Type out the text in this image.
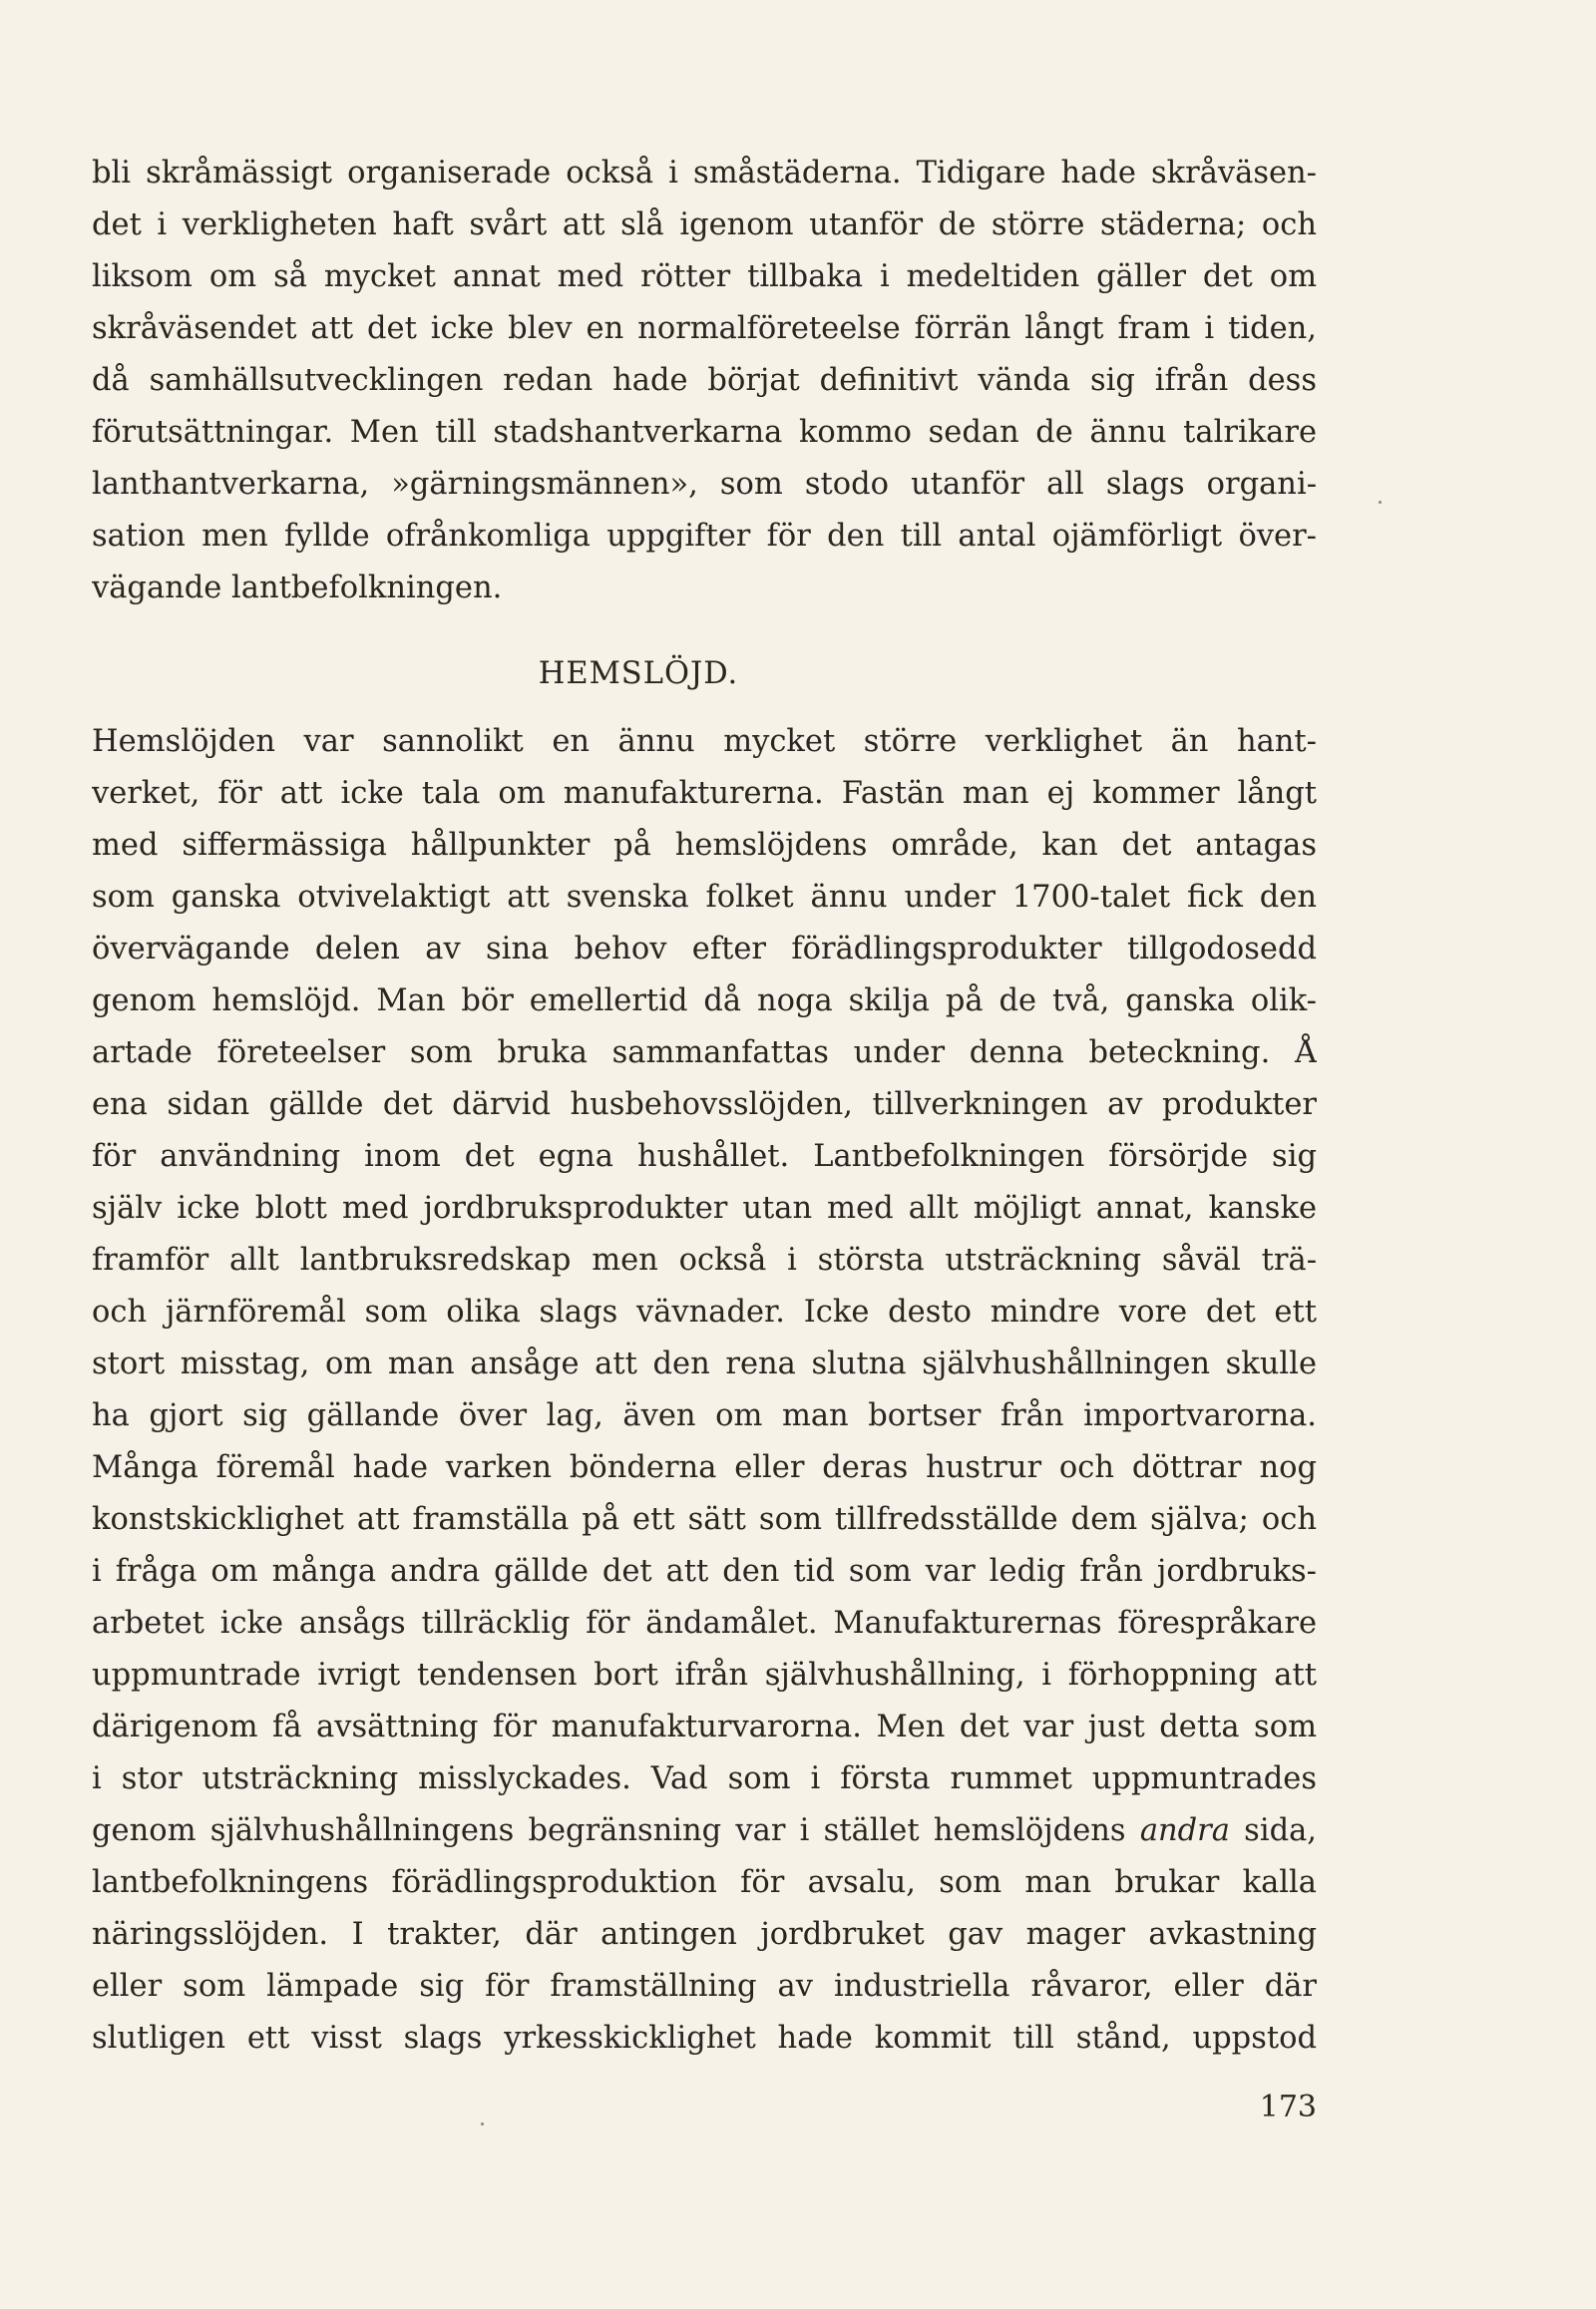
bli skråmässigt organiserade också i småstäderna. Tidigare hade skråväsen-
det i verkligheten haft svårt att slå igenom utanför de större städerna; och
liksom om så mycket annat med rötter tillbaka i medeltiden gäller det om
skråväsendet att det icke blev en normalföreteelse förrän långt fram i tiden,
då samhällsutvecklingen redan hade börjat definitivt vända sig ifrån dess
förutsättningar. Men till stadshantverkarna kommo sedan de ännu talrikare
lanthantverkarna, »gärningsmännen», som stodo utanför all slags organi-
sation men fyllde ofrånkomliga uppgifter för den till antal ojämförligt över-
vägande lantbefolkningen.
HEMSLÖJD.
Hemslöjden var sannolikt en ännu mycket större verklighet än hant-
verket, för att icke tala om manufakturerna. Fastän man ej kommer långt
med siffermässiga hållpunkter på hemslöjdens område, kan det antagas
som ganska otvivelaktigt att svenska folket ännu under 1700-talet fick den
övervägande delen av sina behov efter förädlingsprodukter tillgodosedd
genom hemslöjd. Man bör emellertid då noga skilja på de två, ganska olik-
artade företeelser som bruka sammanfattas under denna beteckning. Å
ena sidan gällde det därvid husbehovsslöjden, tillverkningen av produkter
för användning inom det egna hushållet. Lantbefolkningen försörjde sig
själv icke blott med jordbruksprodukter utan med allt möjligt annat, kanske
framför allt lantbruksredskap men också i största utsträckning såväl trä-
och järnföremål som olika slags vävnader. Icke desto mindre vore det ett
stort misstag, om man ansåge att den rena slutna självhushållningen skulle
ha gjort sig gällande över lag, även om man bortser från importvarorna.
Många föremål hade varken bönderna eller deras hustrur och döttrar nog
konstskicklighet att framställa på ett sätt som tillfredsställde dem själva; och
i fråga om många andra gällde det att den tid som var ledig från jordbruks-
arbetet icke ansågs tillräcklig för ändamålet. Manufakturernas förespråkare
uppmuntrade ivrigt tendensen bort ifrån självhushållning, i förhoppning att
därigenom få avsättning för manufakturvarorna. Men det var just detta som
i stor utsträckning misslyckades. Vad som i första rummet uppmuntrades
genom självhushållningens begränsning var i stället hemslöjdens andra sida,
lantbefolkningens förädlingsproduktion för avsalu, som man brukar kalla
näringsslöjden. I trakter, där antingen jordbruket gav mager avkastning
eller som lämpade sig för framställning av industriella råvaror, eller där
slutligen ett visst slags yrkesskicklighet hade kommit till stånd, uppstod
173
